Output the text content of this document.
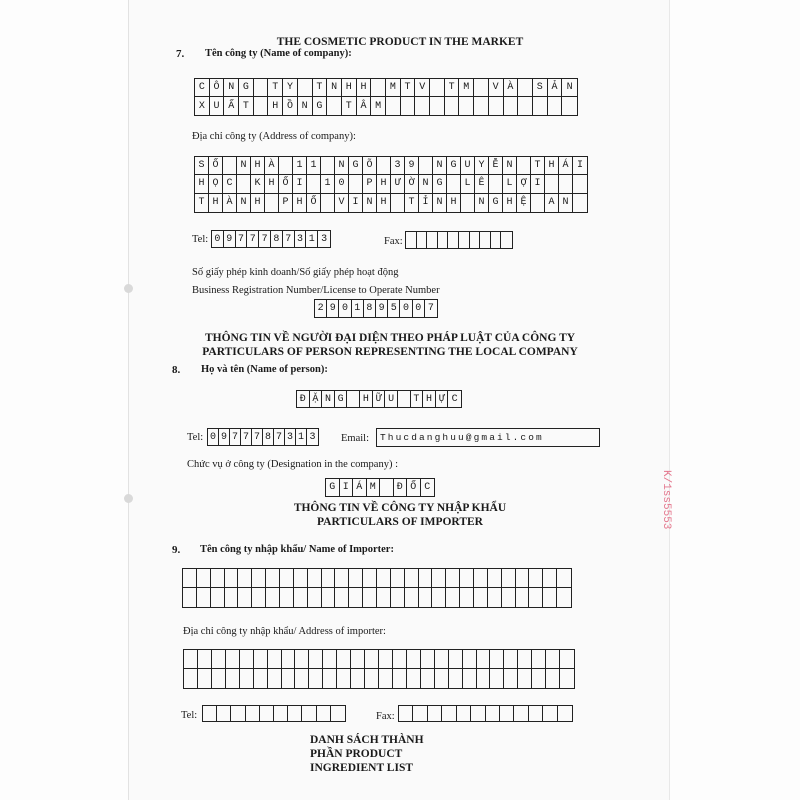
K/1ss5553
THE COSMETIC PRODUCT IN THE MARKET
7. Tên công ty (Name of company):
C Ô N G	T Y	T N H H	M T V	T M	V À	S Ả N
X U Ấ T	H Ồ N G	T Â M
Địa chỉ công ty (Address of company):
S Ố	N H À	1 1	N G Õ	3 9	N G U Y Ễ N	T H Á I
H Ọ C	K H Ố I	1 0	P H Ư Ờ N G	L Ê	L Ợ I
T H À N H	P H Ố	V I N H	T Ỉ N H	N G H Ệ	A N
Tel: 0 9 7 7 7 8 7 3 1 3	Fax:
Số giấy phép kinh doanh/Số giấy phép hoạt động
Business Registration Number/License to Operate Number
2 9 0 1 8 9 5 0 0 7
THÔNG TIN VỀ NGƯỜI ĐẠI DIỆN THEO PHÁP LUẬT CỦA CÔNG TY
PARTICULARS OF PERSON REPRESENTING THE LOCAL COMPANY
8. Họ và tên (Name of person):
Đ Ặ N G	H Ữ U	T H Ự C
Tel: 0 9 7 7 7 8 7 3 1 3 Email:	Thucdanghuu@gmail.com
Chức vụ ở công ty (Designation in the company) :
G I Á M	Đ Ố C
THÔNG TIN VỀ CÔNG TY NHẬP KHẨU
PARTICULARS OF IMPORTER
9. Tên công ty nhập khẩu/ Name of Importer:
Địa chỉ công ty nhập khẩu/ Address of importer:
Tel:	Fax:
DANH SÁCH THÀNH
PHẦN PRODUCT
INGREDIENT LIST
